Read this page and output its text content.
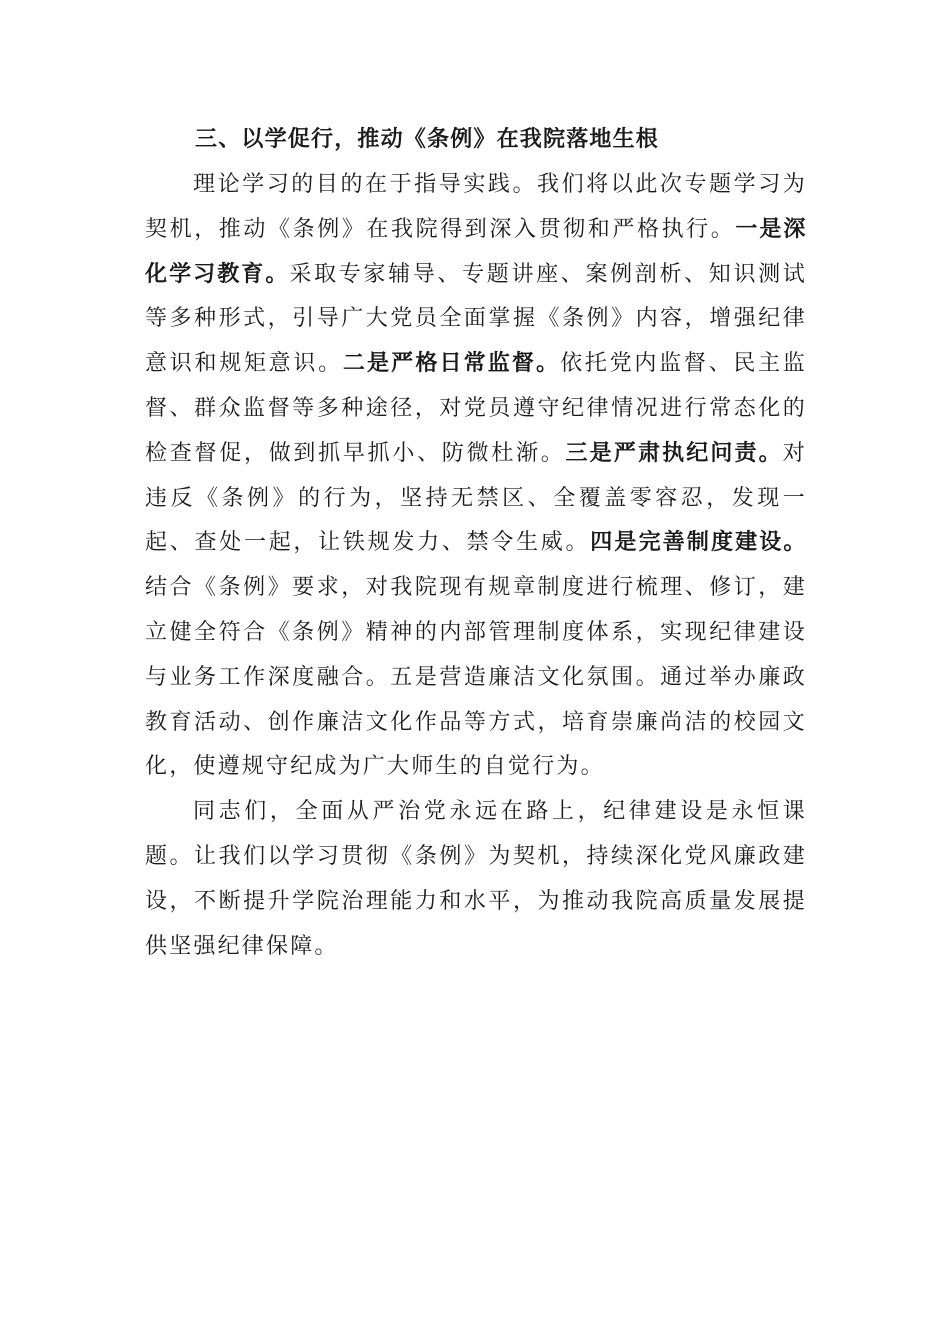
三、以学促行，推动《条例》在我院落地生根

理论学习的目的在于指导实践。我们将以此次专题学习为契机，推动《条例》在我院得到深入贯彻和严格执行。一是深化学习教育。采取专家辅导、专题讲座、案例剖析、知识测试等多种形式，引导广大党员全面掌握《条例》内容，增强纪律意识和规矩意识。二是严格日常监督。依托党内监督、民主监督、群众监督等多种途径，对党员遵守纪律情况进行常态化的检查督促，做到抓早抓小、防微杜渐。三是严肃执纪问责。对违反《条例》的行为，坚持无禁区、全覆盖零容忍，发现一起、查处一起，让铁规发力、禁令生威。四是完善制度建设。结合《条例》要求，对我院现有规章制度进行梳理、修订，建立健全符合《条例》精神的内部管理制度体系，实现纪律建设与业务工作深度融合。五是营造廉洁文化氛围。通过举办廉政教育活动、创作廉洁文化作品等方式，培育崇廉尚洁的校园文化，使遵规守纪成为广大师生的自觉行为。

同志们，全面从严治党永远在路上，纪律建设是永恒课题。让我们以学习贯彻《条例》为契机，持续深化党风廉政建设，不断提升学院治理能力和水平，为推动我院高质量发展提供坚强纪律保障。
